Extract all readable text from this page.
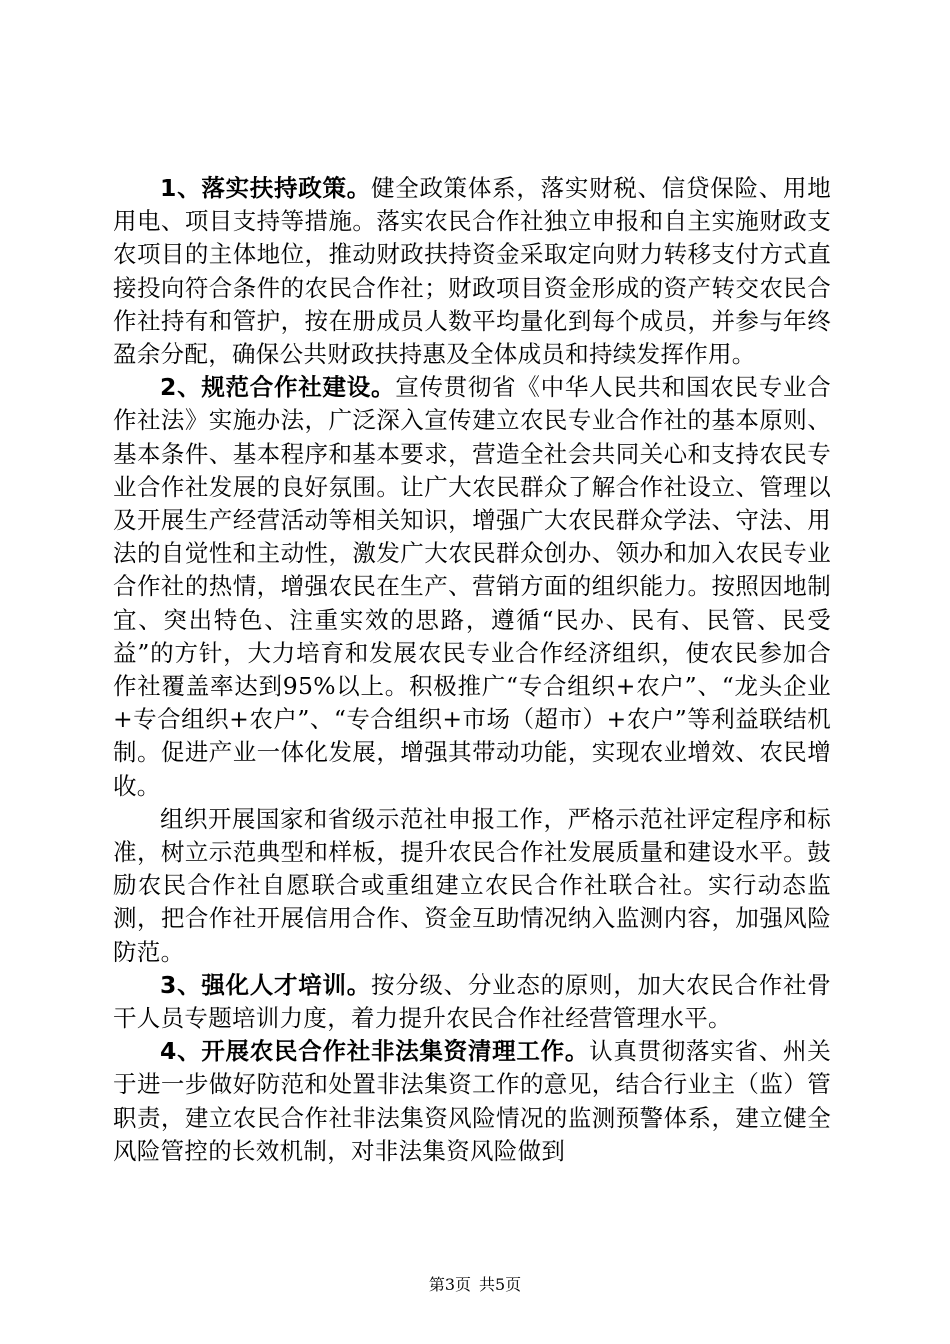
1、落实扶持政策。健全政策体系，落实财税、信贷保险、用地用电、项目支持等措施。落实农民合作社独立申报和自主实施财政支农项目的主体地位，推动财政扶持资金采取定向财力转移支付方式直接投向符合条件的农民合作社；财政项目资金形成的资产转交农民合作社持有和管护，按在册成员人数平均量化到每个成员，并参与年终盈余分配，确保公共财政扶持惠及全体成员和持续发挥作用。

2、规范合作社建设。宣传贯彻省《中华人民共和国农民专业合作社法》实施办法，广泛深入宣传建立农民专业合作社的基本原则、基本条件、基本程序和基本要求，营造全社会共同关心和支持农民专业合作社发展的良好氛围。让广大农民群众了解合作社设立、管理以及开展生产经营活动等相关知识，增强广大农民群众学法、守法、用法的自觉性和主动性，激发广大农民群众创办、领办和加入农民专业合作社的热情，增强农民在生产、营销方面的组织能力。按照因地制宜、突出特色、注重实效的思路，遵循“民办、民有、民管、民受益”的方针，大力培育和发展农民专业合作经济组织，使农民参加合作社覆盖率达到95%以上。积极推广“专合组织+农户”、“龙头企业+专合组织+农户”、“专合组织+市场（超市）+农户”等利益联结机制。促进产业一体化发展，增强其带动功能，实现农业增效、农民增收。

组织开展国家和省级示范社申报工作，严格示范社评定程序和标准，树立示范典型和样板，提升农民合作社发展质量和建设水平。鼓励农民合作社自愿联合或重组建立农民合作社联合社。实行动态监测，把合作社开展信用合作、资金互助情况纳入监测内容，加强风险防范。

3、强化人才培训。按分级、分业态的原则，加大农民合作社骨干人员专题培训力度，着力提升农民合作社经营管理水平。

4、开展农民合作社非法集资清理工作。认真贯彻落实省、州关于进一步做好防范和处置非法集资工作的意见，结合行业主（监）管职责，建立农民合作社非法集资风险情况的监测预警体系，建立健全风险管控的长效机制，对非法集资风险做到

第3页 共5页
